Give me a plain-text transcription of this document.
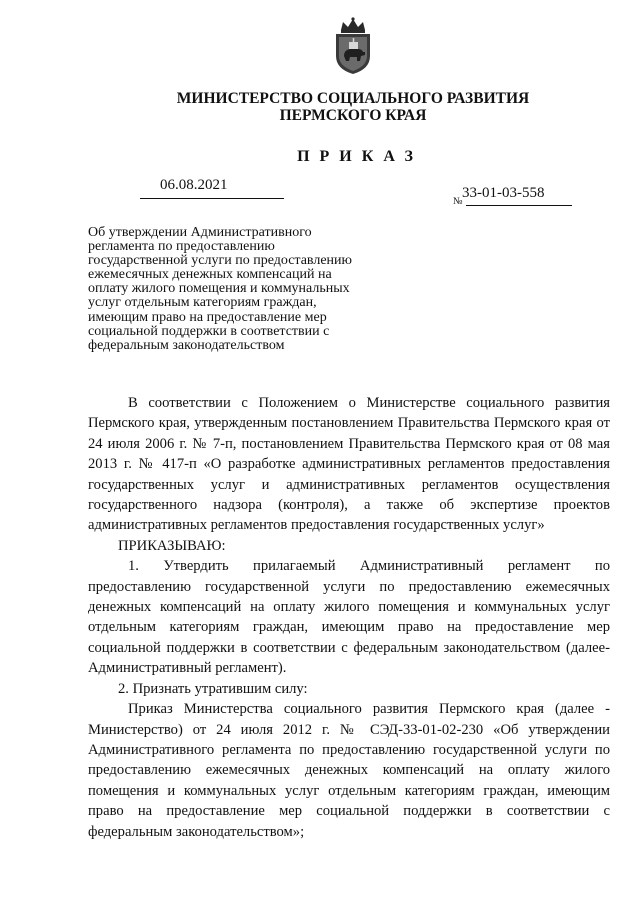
МИНИСТЕРСТВО СОЦИАЛЬНОГО РАЗВИТИЯ
ПЕРМСКОГО КРАЯ
ПРИКАЗ
06.08.2021	33-01-03-558
№
Об утверждении Административного регламента по предоставлению государственной услуги по предоставлению ежемесячных денежных компенсаций на оплату жилого помещения и коммунальных услуг отдельным категориям граждан, имеющим право на предоставление мер социальной поддержки в соответствии с федеральным законодательством

В соответствии с Положением о Министерстве социального развития Пермского края, утвержденным постановлением Правительства Пермского края от 24 июля 2006 г. № 7-п, постановлением Правительства Пермского края от 08 мая 2013 г. № 417-п «О разработке административных регламентов предоставления государственных услуг и административных регламентов осуществления государственного надзора (контроля), а также об экспертизе проектов административных регламентов предоставления государственных услуг»

ПРИКАЗЫВАЮ:

1. Утвердить прилагаемый Административный регламент по предоставлению государственной услуги по предоставлению ежемесячных денежных компенсаций на оплату жилого помещения и коммунальных услуг отдельным категориям граждан, имеющим право на предоставление мер социальной поддержки в соответствии с федеральным законодательством (далее-Административный регламент).

2. Признать утратившим силу:

Приказ Министерства социального развития Пермского края (далее - Министерство) от 24 июля 2012 г. № СЭД-33-01-02-230 «Об утверждении Административного регламента по предоставлению государственной услуги по предоставлению ежемесячных денежных компенсаций на оплату жилого помещения и коммунальных услуг отдельным категориям граждан, имеющим право на предоставление мер социальной поддержки в соответствии с федеральным законодательством»;
